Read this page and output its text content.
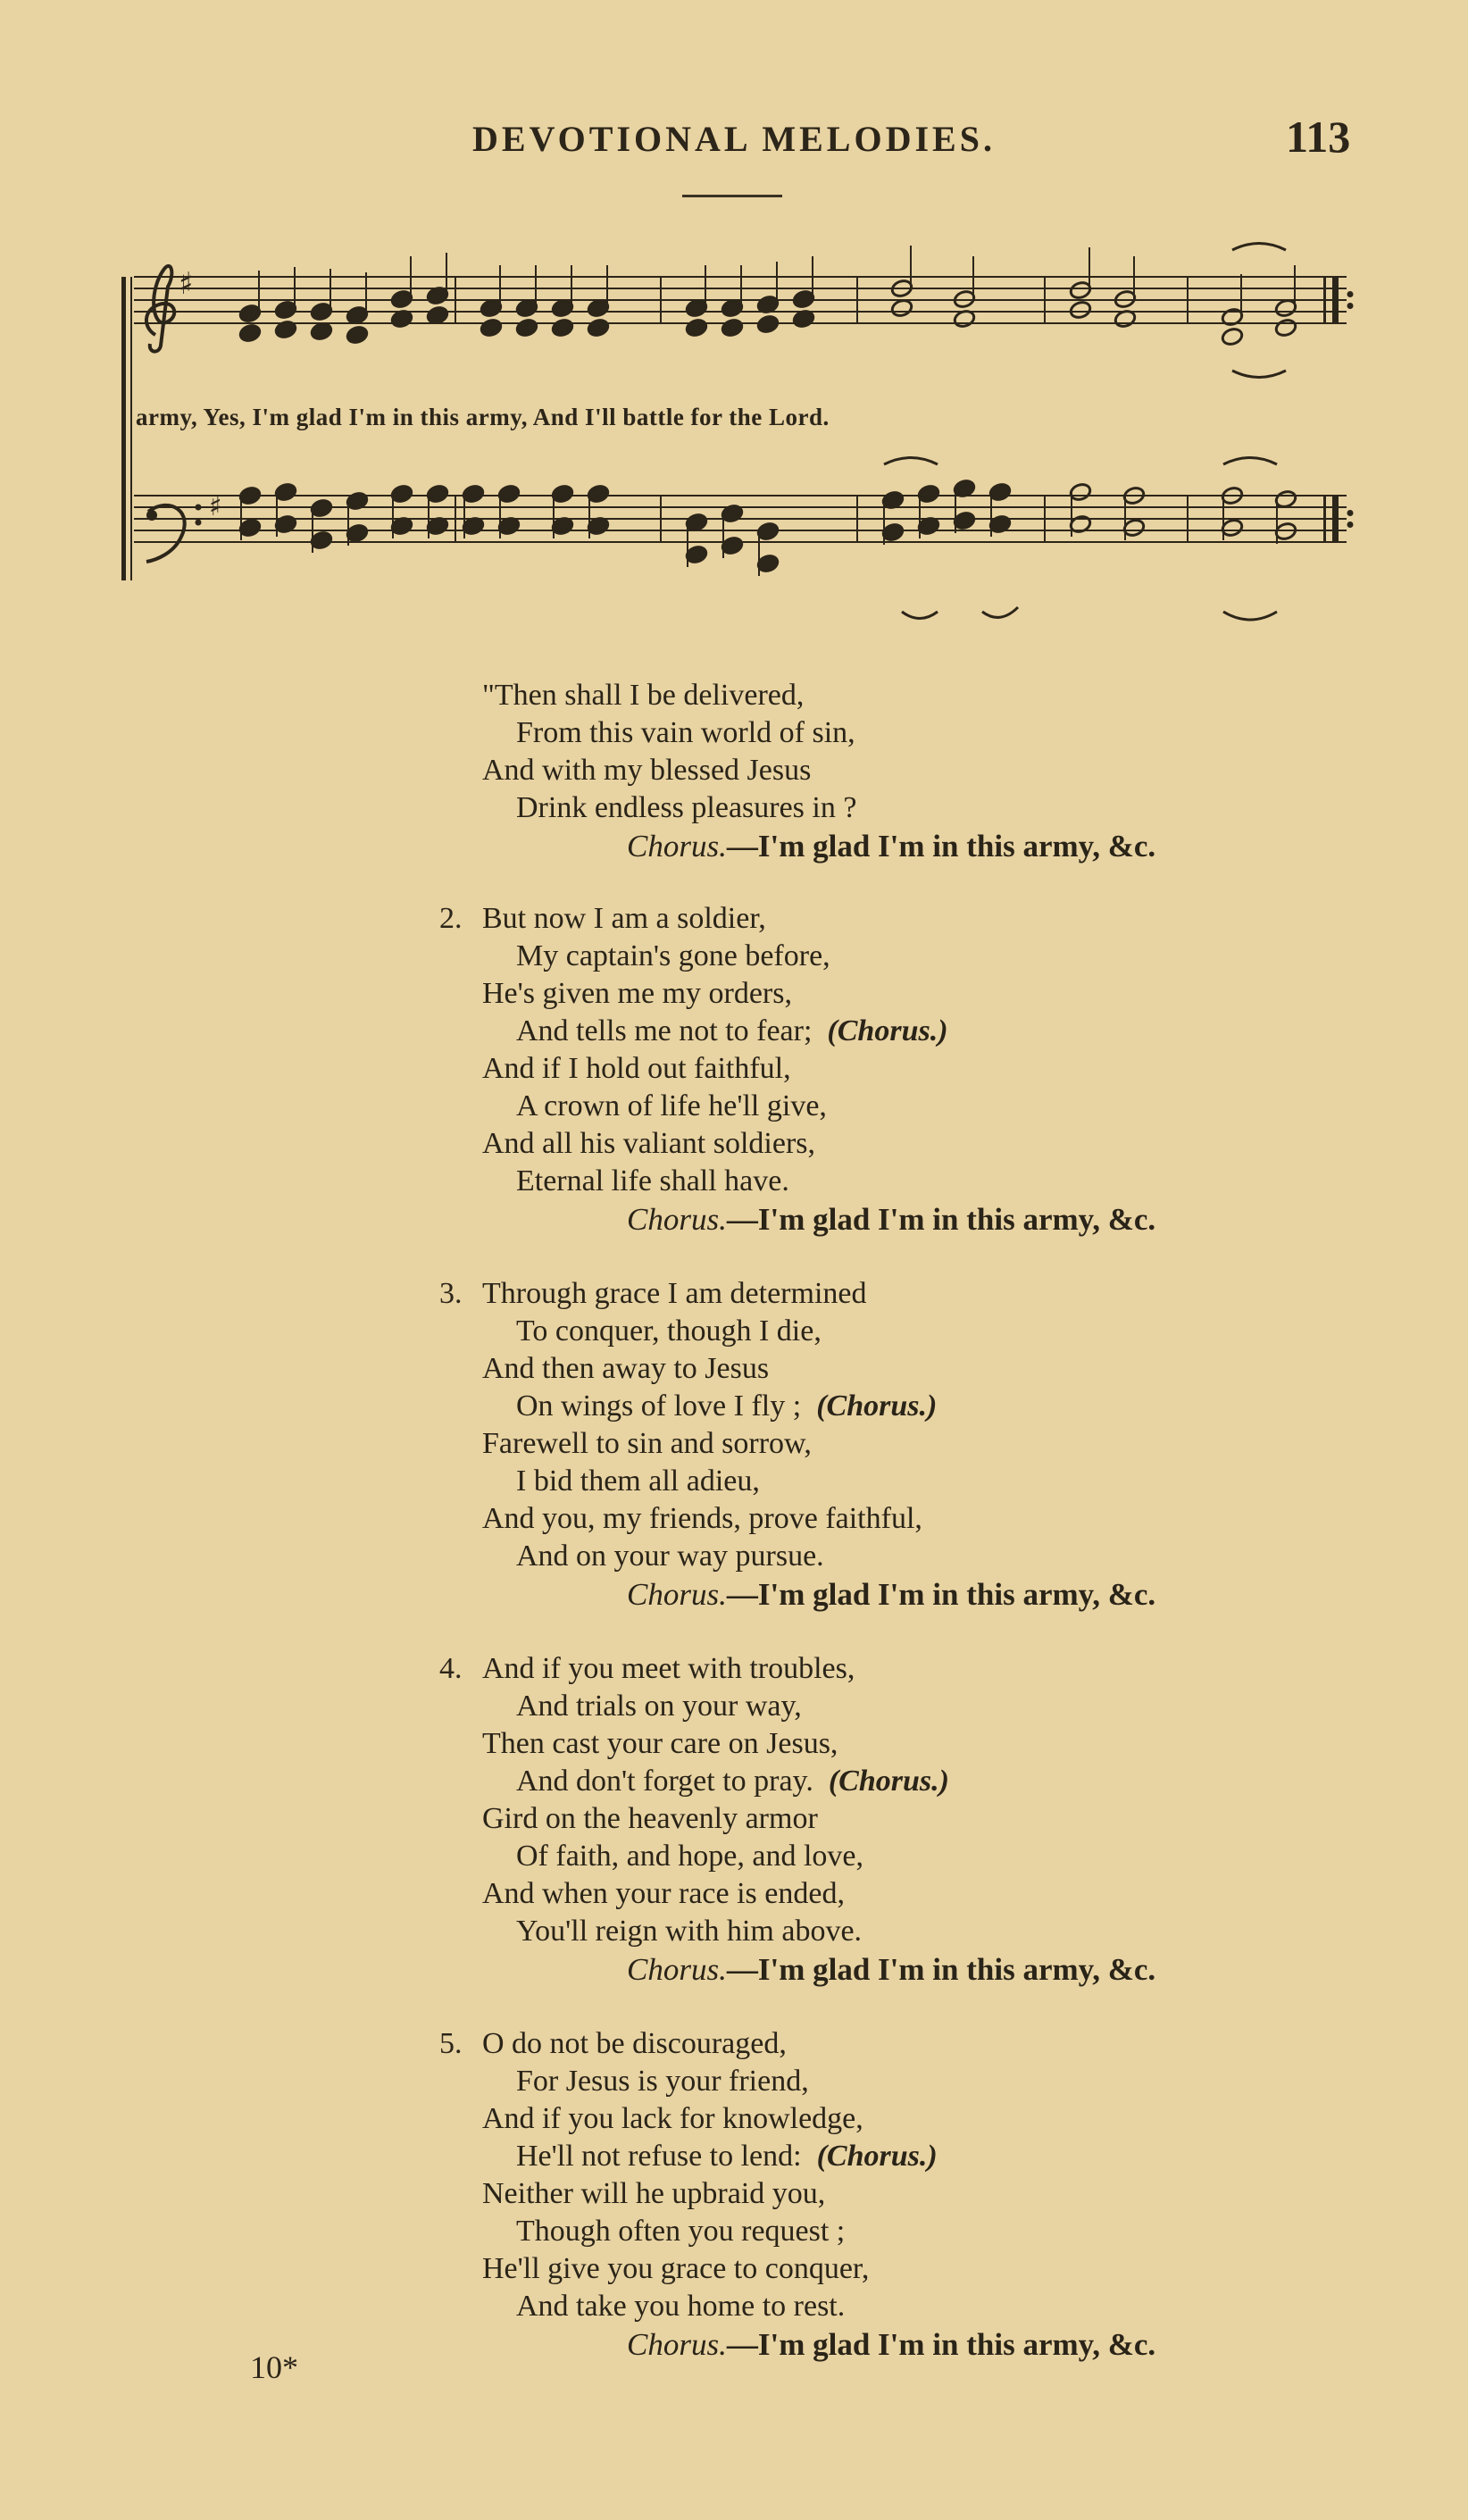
DEVOTIONAL MELODIES.	113
♯
♯
army, Yes, I'm glad I'm in this army, And I'll battle for the Lord.
"Then shall I be delivered,
From this vain world of sin,
And with my blessed Jesus
Drink endless pleasures in ?
Chorus.—I'm glad I'm in this army, &c.
2. But now I am a soldier,
My captain's gone before,
He's given me my orders,
And tells me not to fear; (Chorus.)
And if I hold out faithful,
A crown of life he'll give,
And all his valiant soldiers,
Eternal life shall have.
Chorus.—I'm glad I'm in this army, &c.
3. Through grace I am determined
To conquer, though I die,
And then away to Jesus
On wings of love I fly ; (Chorus.)
Farewell to sin and sorrow,
I bid them all adieu,
And you, my friends, prove faithful,
And on your way pursue.
Chorus.—I'm glad I'm in this army, &c.
4. And if you meet with troubles,
And trials on your way,
Then cast your care on Jesus,
And don't forget to pray. (Chorus.)
Gird on the heavenly armor
Of faith, and hope, and love,
And when your race is ended,
You'll reign with him above.
Chorus.—I'm glad I'm in this army, &c.
5. O do not be discouraged,
For Jesus is your friend,
And if you lack for knowledge,
He'll not refuse to lend: (Chorus.)
Neither will he upbraid you,
Though often you request ;
He'll give you grace to conquer,
And take you home to rest.
Chorus.—I'm glad I'm in this army, &c.
10*
